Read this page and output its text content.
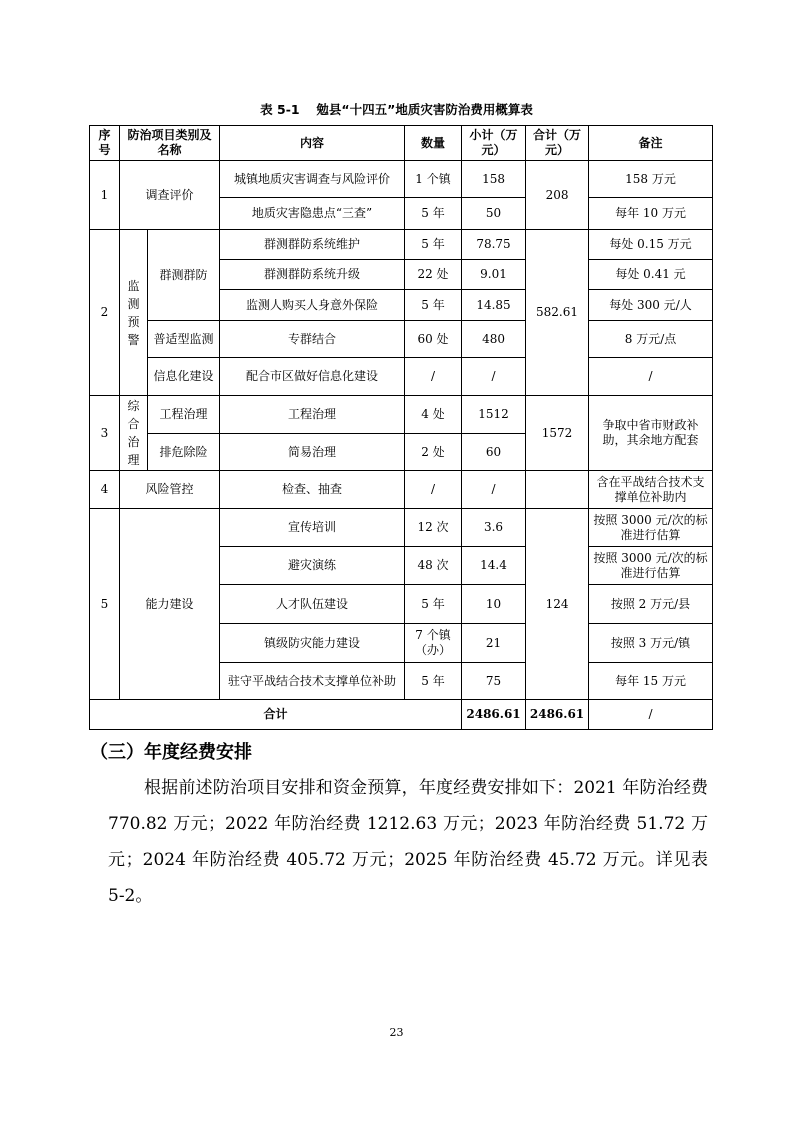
表 5-1　 勉县“十四五”地质灾害防治费用概算表
序号	防治项目类别及名称		内容	数量	小计（万元）	合计（万元）	备注
1	调查评价		城镇地质灾害调查与风险评价	1 个镇	158	208	158 万元
			地质灾害隐患点“三查”	5 年	50		每年 10 万元
2	监测预警	群测群防	群测群防系统维护	5 年	78.75	582.61	每处 0.15 万元
			群测群防系统升级	22 处	9.01		每处 0.41 元
			监测人购买人身意外保险	5 年	14.85		每处 300 元/人
		普适型监测	专群结合	60 处	480		8 万元/点
		信息化建设	配合市区做好信息化建设	/	/		/
3	综合治理	工程治理	工程治理	4 处	1512	1572	争取中省市财政补助，其余地方配套
		排危除险	简易治理	2 处	60		
4	风险管控		检查、抽查	/	/		含在平战结合技术支撑单位补助内
5	能力建设		宣传培训	12 次	3.6	124	按照 3000 元/次的标准进行估算
			避灾演练	48 次	14.4		按照 3000 元/次的标准进行估算
			人才队伍建设	5 年	10		按照 2 万元/县
			镇级防灾能力建设	7 个镇（办）	21		按照 3 万元/镇
			驻守平战结合技术支撑单位补助	5 年	75		每年 15 万元
合计					2486.61	2486.61	/
（三）年度经费安排

根据前述防治项目安排和资金预算，年度经费安排如下：2021 年防治经费 770.82 万元；2022 年防治经费 1212.63 万元；2023 年防治经费 51.72 万元；2024 年防治经费 405.72 万元；2025 年防治经费 45.72 万元。详见表 5-2。

23
